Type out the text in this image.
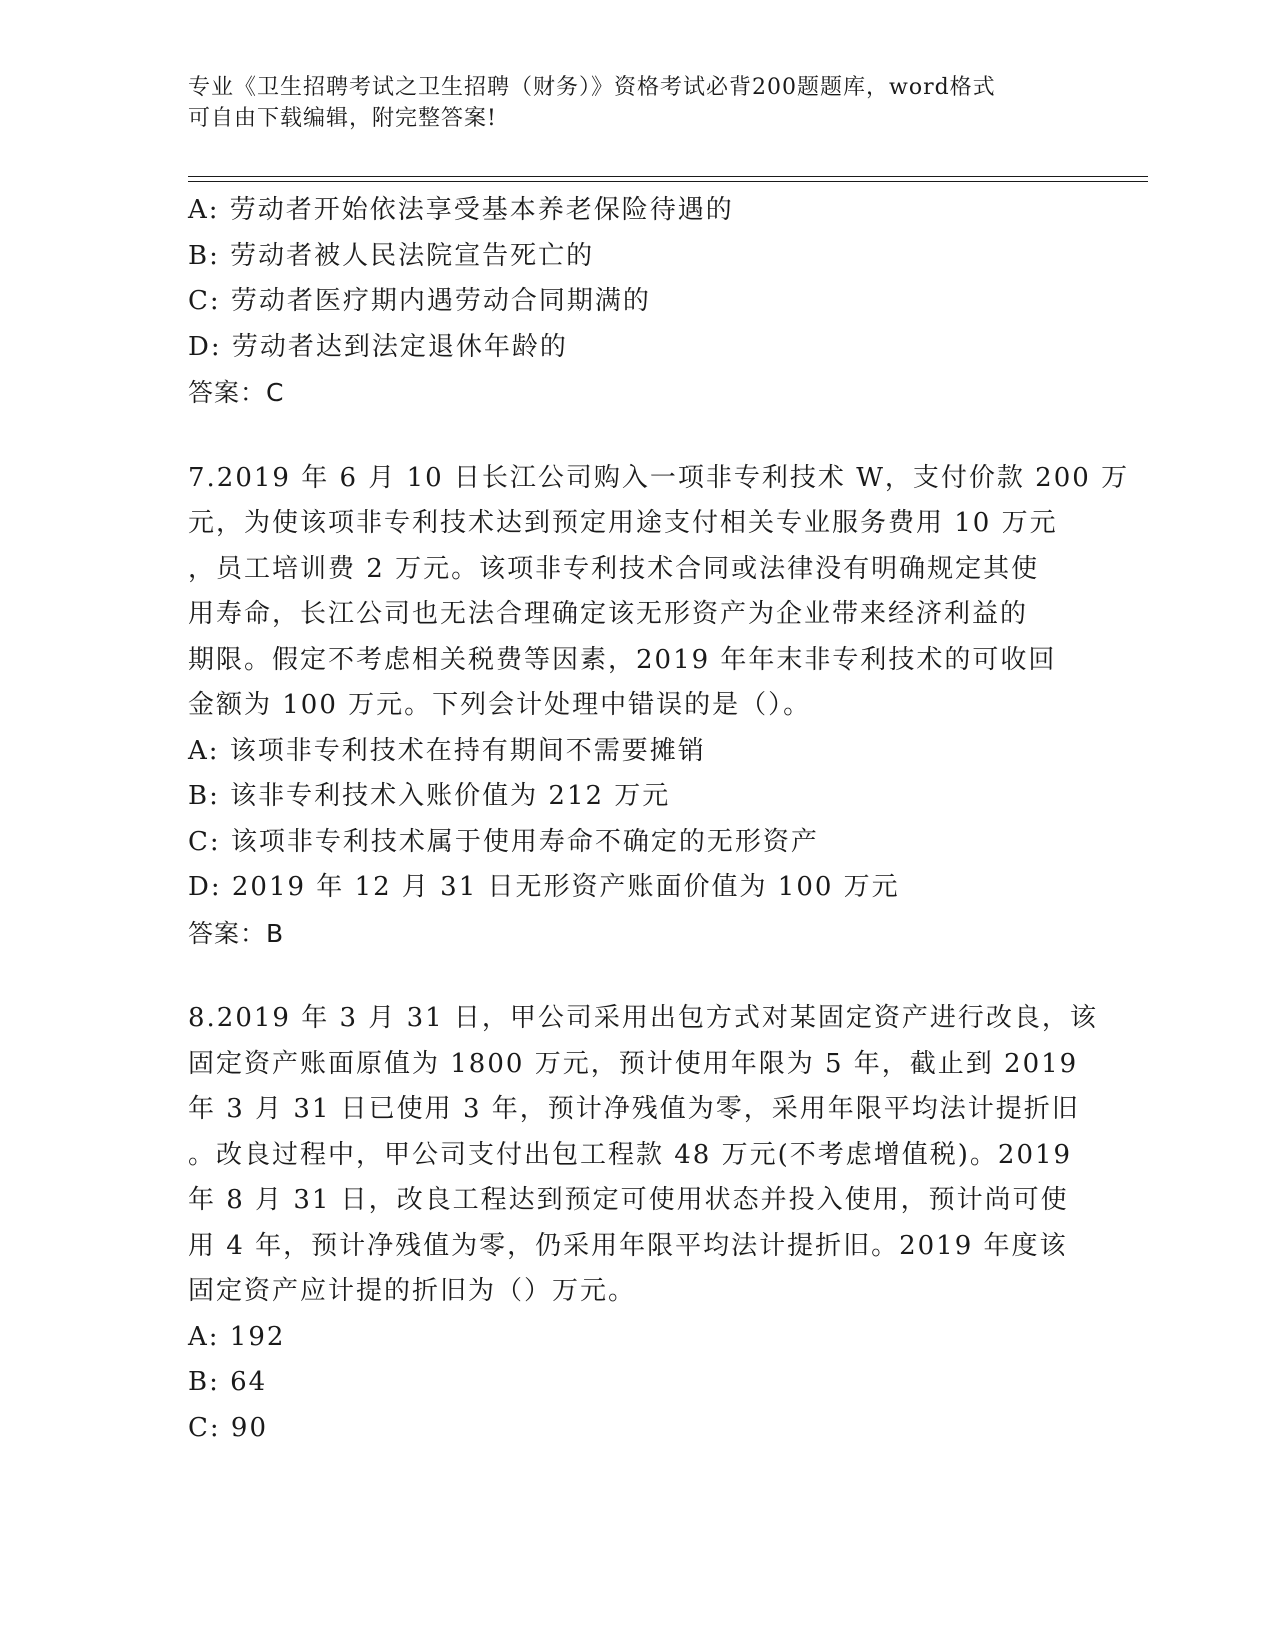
专业《卫生招聘考试之卫生招聘（财务）》资格考试必背200题题库，word格式
可自由下载编辑，附完整答案!
A: 劳动者开始依法享受基本养老保险待遇的
B: 劳动者被人民法院宣告死亡的
C: 劳动者医疗期内遇劳动合同期满的
D: 劳动者达到法定退休年龄的
答案：C
7.2019 年 6 月 10 日长江公司购入一项非专利技术 W，支付价款 200 万
元，为使该项非专利技术达到预定用途支付相关专业服务费用 10 万元
，员工培训费 2 万元。该项非专利技术合同或法律没有明确规定其使
用寿命，长江公司也无法合理确定该无形资产为企业带来经济利益的
期限。假定不考虑相关税费等因素，2019 年年末非专利技术的可收回
金额为 100 万元。下列会计处理中错误的是（）。
A: 该项非专利技术在持有期间不需要摊销
B: 该非专利技术入账价值为 212 万元
C: 该项非专利技术属于使用寿命不确定的无形资产
D: 2019 年 12 月 31 日无形资产账面价值为 100 万元
答案：B
8.2019 年 3 月 31 日，甲公司采用出包方式对某固定资产进行改良，该
固定资产账面原值为 1800 万元，预计使用年限为 5 年，截止到 2019
年 3 月 31 日已使用 3 年，预计净残值为零，采用年限平均法计提折旧
。改良过程中，甲公司支付出包工程款 48 万元(不考虑增值税)。2019
年 8 月 31 日，改良工程达到预定可使用状态并投入使用，预计尚可使
用 4 年，预计净残值为零，仍采用年限平均法计提折旧。2019 年度该
固定资产应计提的折旧为（）万元。
A: 192
B: 64
C: 90
